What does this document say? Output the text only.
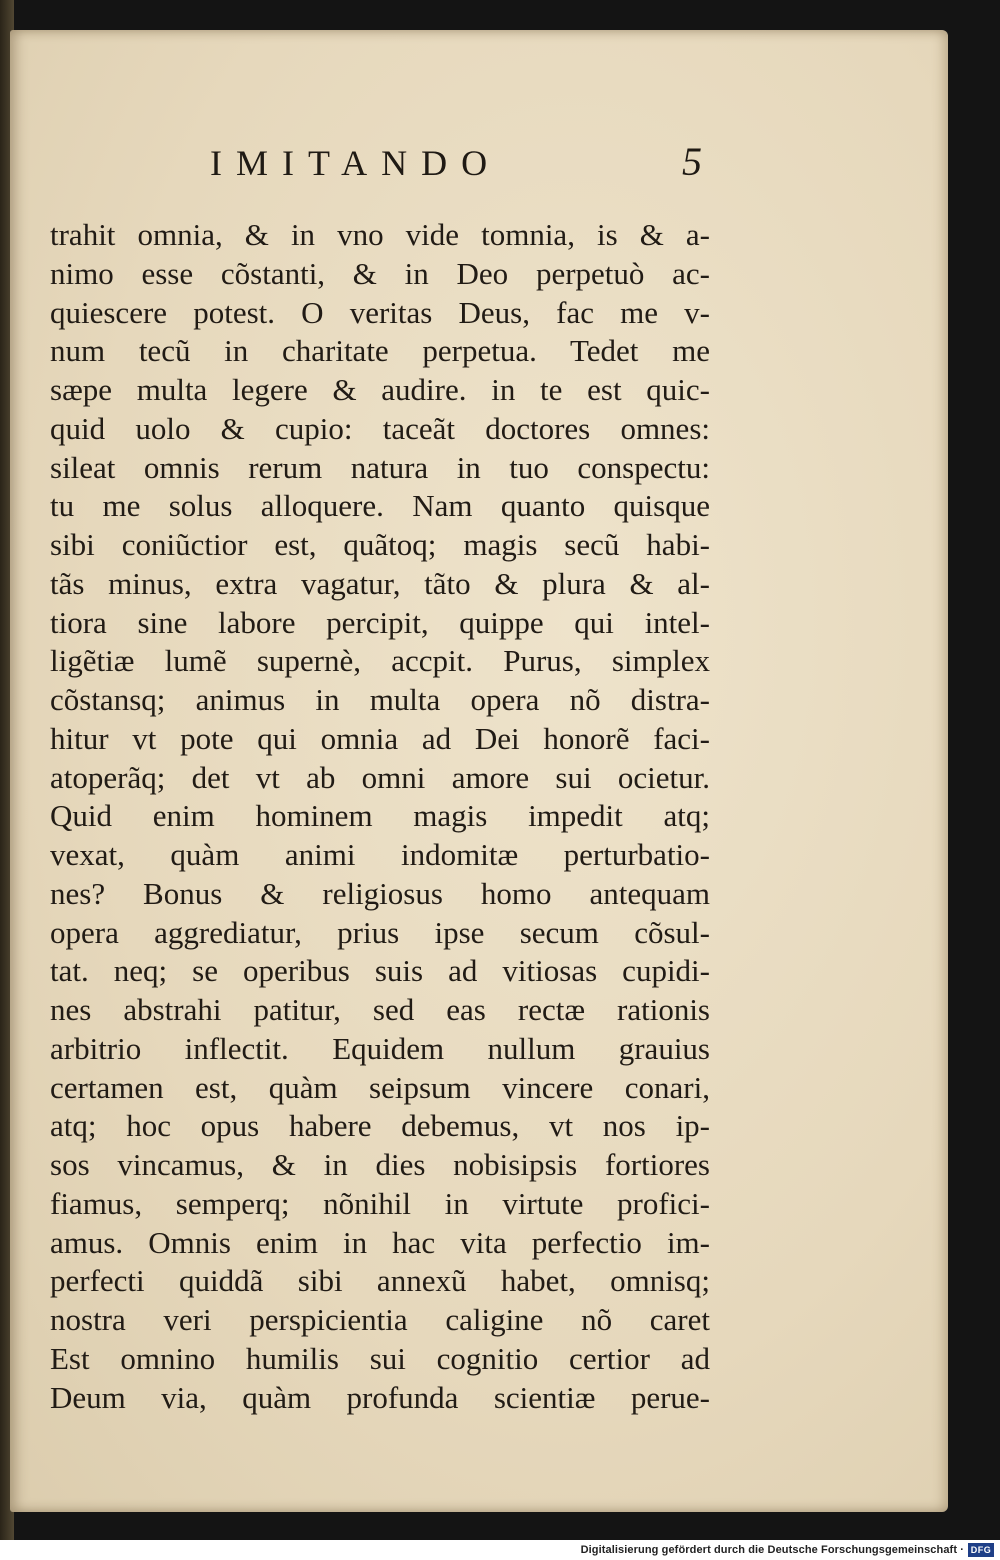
IMITANDO	5
trahit omnia, & in vno vide tomnia, is & a-
nimo esse cõstanti, & in Deo perpetuò ac-
quiescere potest. O veritas Deus, fac me v-
num tecũ in charitate perpetua. Tedet me
sæpe multa legere & audire. in te est quic-
quid uolo & cupio: taceãt doctores omnes:
sileat omnis rerum natura in tuo conspectu:
tu me solus alloquere. Nam quanto quisque
sibi coniũctior est, quãtoq; magis secũ habi-
tãs minus, extra vagatur, tãto & plura & al-
tiora sine labore percipit, quippe qui intel-
ligẽtiæ lumẽ supernè, accpit. Purus, simplex
cõstansq; animus in multa opera nõ distra-
hitur vt pote qui omnia ad Dei honorẽ faci-
atoperãq; det vt ab omni amore sui ocietur.
Quid enim hominem magis impedit atq;
vexat, quàm animi indomitæ perturbatio-
nes? Bonus & religiosus homo antequam
opera aggrediatur, prius ipse secum cõsul-
tat. neq; se operibus suis ad vitiosas cupidi-
nes abstrahi patitur, sed eas rectæ rationis
arbitrio inflectit. Equidem nullum grauius
certamen est, quàm seipsum vincere conari,
atq; hoc opus habere debemus, vt nos ip-
sos vincamus, & in dies nobisipsis fortiores
fiamus, semperq; nõnihil in virtute profici-
amus. Omnis enim in hac vita perfectio im-
perfecti quiddã sibi annexũ habet, omnisq;
nostra veri perspicientia caligine nõ caret
Est omnino humilis sui cognitio certior ad
Deum via, quàm profunda scientiæ perue-
Digitalisierung gefördert durch die Deutsche Forschungsgemeinschaft · DFG
